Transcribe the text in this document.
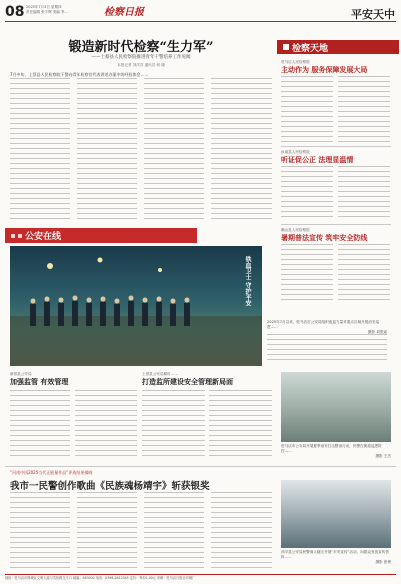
08 2025年7月3日 星期四
责任编辑 张宇辉 美编 李…	检察日报	平安天中
锻造新时代检察“生力军”
——上蔡县人民检察院推进青年干警培养工作见闻
本报记者 刘洋洋 通讯员 何 晓
7月中旬，上蔡县人民检察院干警向青年检察官代表讲述办案中的经验体会……
检察天地
驻马店人民检察院
主动作为 服务保障发展大局
汝南县人民检察院
听证促公正 法理显温情
确山县人民检察院
暑期普法宣传 筑牢安全防线
公安在线
铁血卫士 守护平安
2025年7月以来，驻马店市公安局组织夜巡力量对重点区域开展治安巡逻……
摄影 刘思遥
新蔡县公安局
加强监管 有效管理
上蔡县公安局紧盯……
打造监所建设安全管理新局面
驻马店市公安局开展夏季治安打击整治行动，民警在街道巡逻防控……
摄影 王杰
“河南中国2025当代正能量作品”评选结果揭晓
我市一民警创作歌曲《民族魂杨靖宇》斩获银奖
西平县公安局民警深入辖区开展“平安宣传”活动，向群众发放宣传资料……
摄影 张博
地址：驻马店市驿城区文明大道与雪松路交叉口 邮编：463000 电话：0396-2612345 定价：每份1.00元 印刷：驻马店日报社印刷厂
